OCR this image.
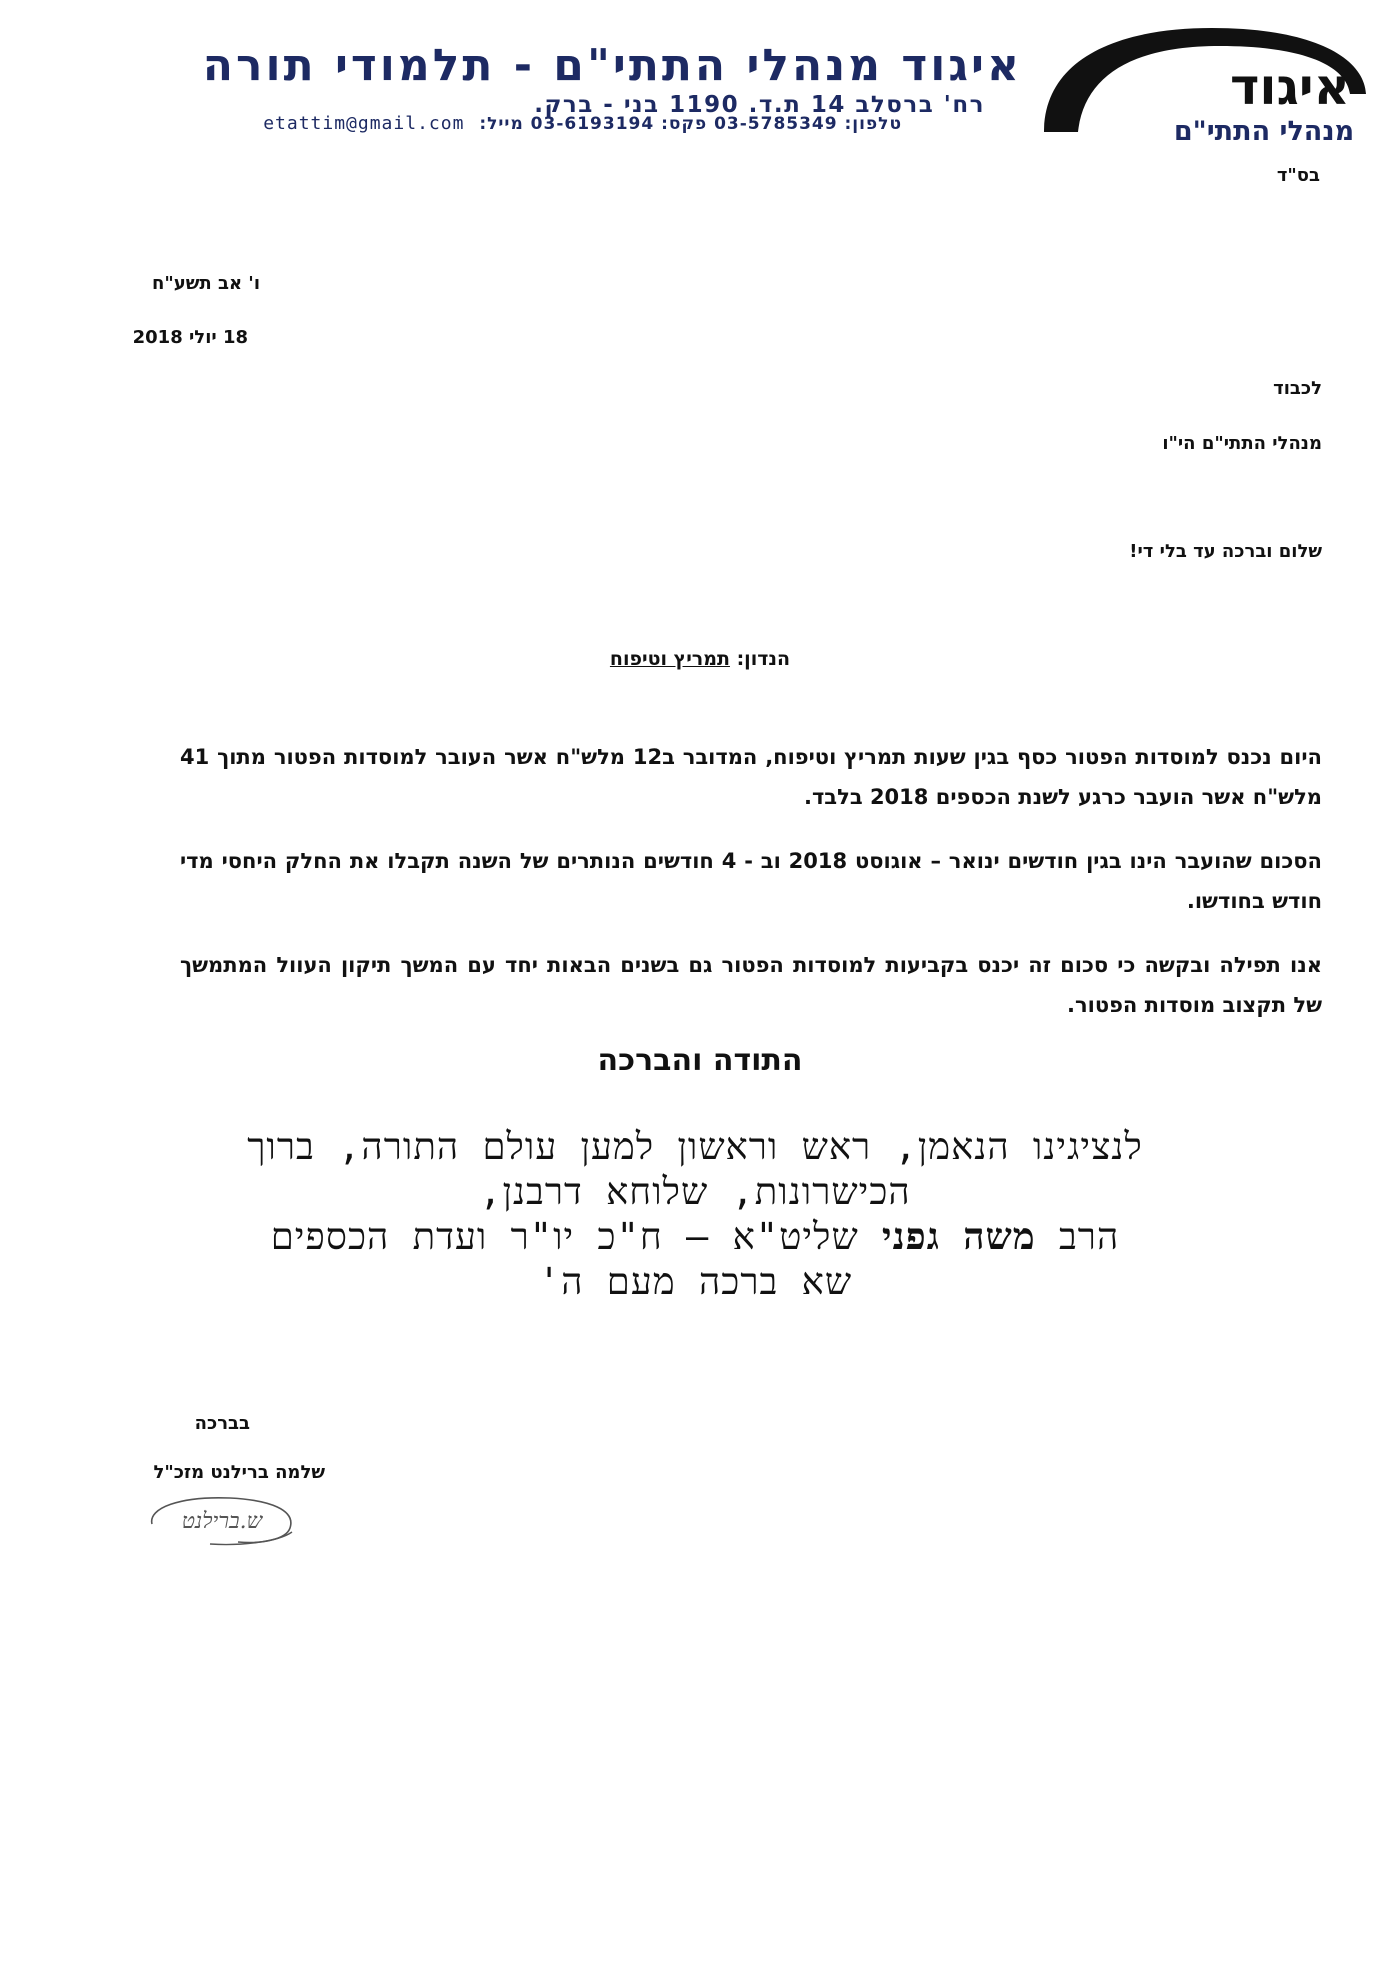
איגוד מנהלי התתי"ם - תלמודי תורה
רח' ברסלב 14 ת.ד. 1190 בני - ברק.
טלפון: 03-5785349 פקס: 03-6193194 מייל: etattim@gmail.com
איגוד
מנהלי התתי"ם
בס"ד
ו' אב תשע"ח
18 יולי 2018
לכבוד
מנהלי התתי"ם הי"ו
שלום וברכה עד בלי די!
הנדון: תמריץ וטיפוח
היום נכנס למוסדות הפטור כסף בגין שעות תמריץ וטיפוח, המדובר ב12 מלש"ח אשר העובר למוסדות הפטור מתוך 41 מלש"ח אשר הועבר כרגע לשנת הכספים 2018 בלבד.
הסכום שהועבר הינו בגין חודשים ינואר – אוגוסט 2018 וב - 4 חודשים הנותרים של השנה תקבלו את החלק היחסי מדי חודש בחודשו.
אנו תפילה ובקשה כי סכום זה יכנס בקביעות למוסדות הפטור גם בשנים הבאות יחד עם המשך תיקון העוול המתמשך של תקצוב מוסדות הפטור.
התודה והברכה
לנציגינו הנאמן, ראש וראשון למען עולם התורה, ברוך
הכישרונות, שלוחא דרבנן,
הרב משה גפני שליט"א – ח"כ יו"ר ועדת הכספים
שא ברכה מעם ה'
בברכה
שלמה ברילנט מזכ"ל
ש.ברילנט
